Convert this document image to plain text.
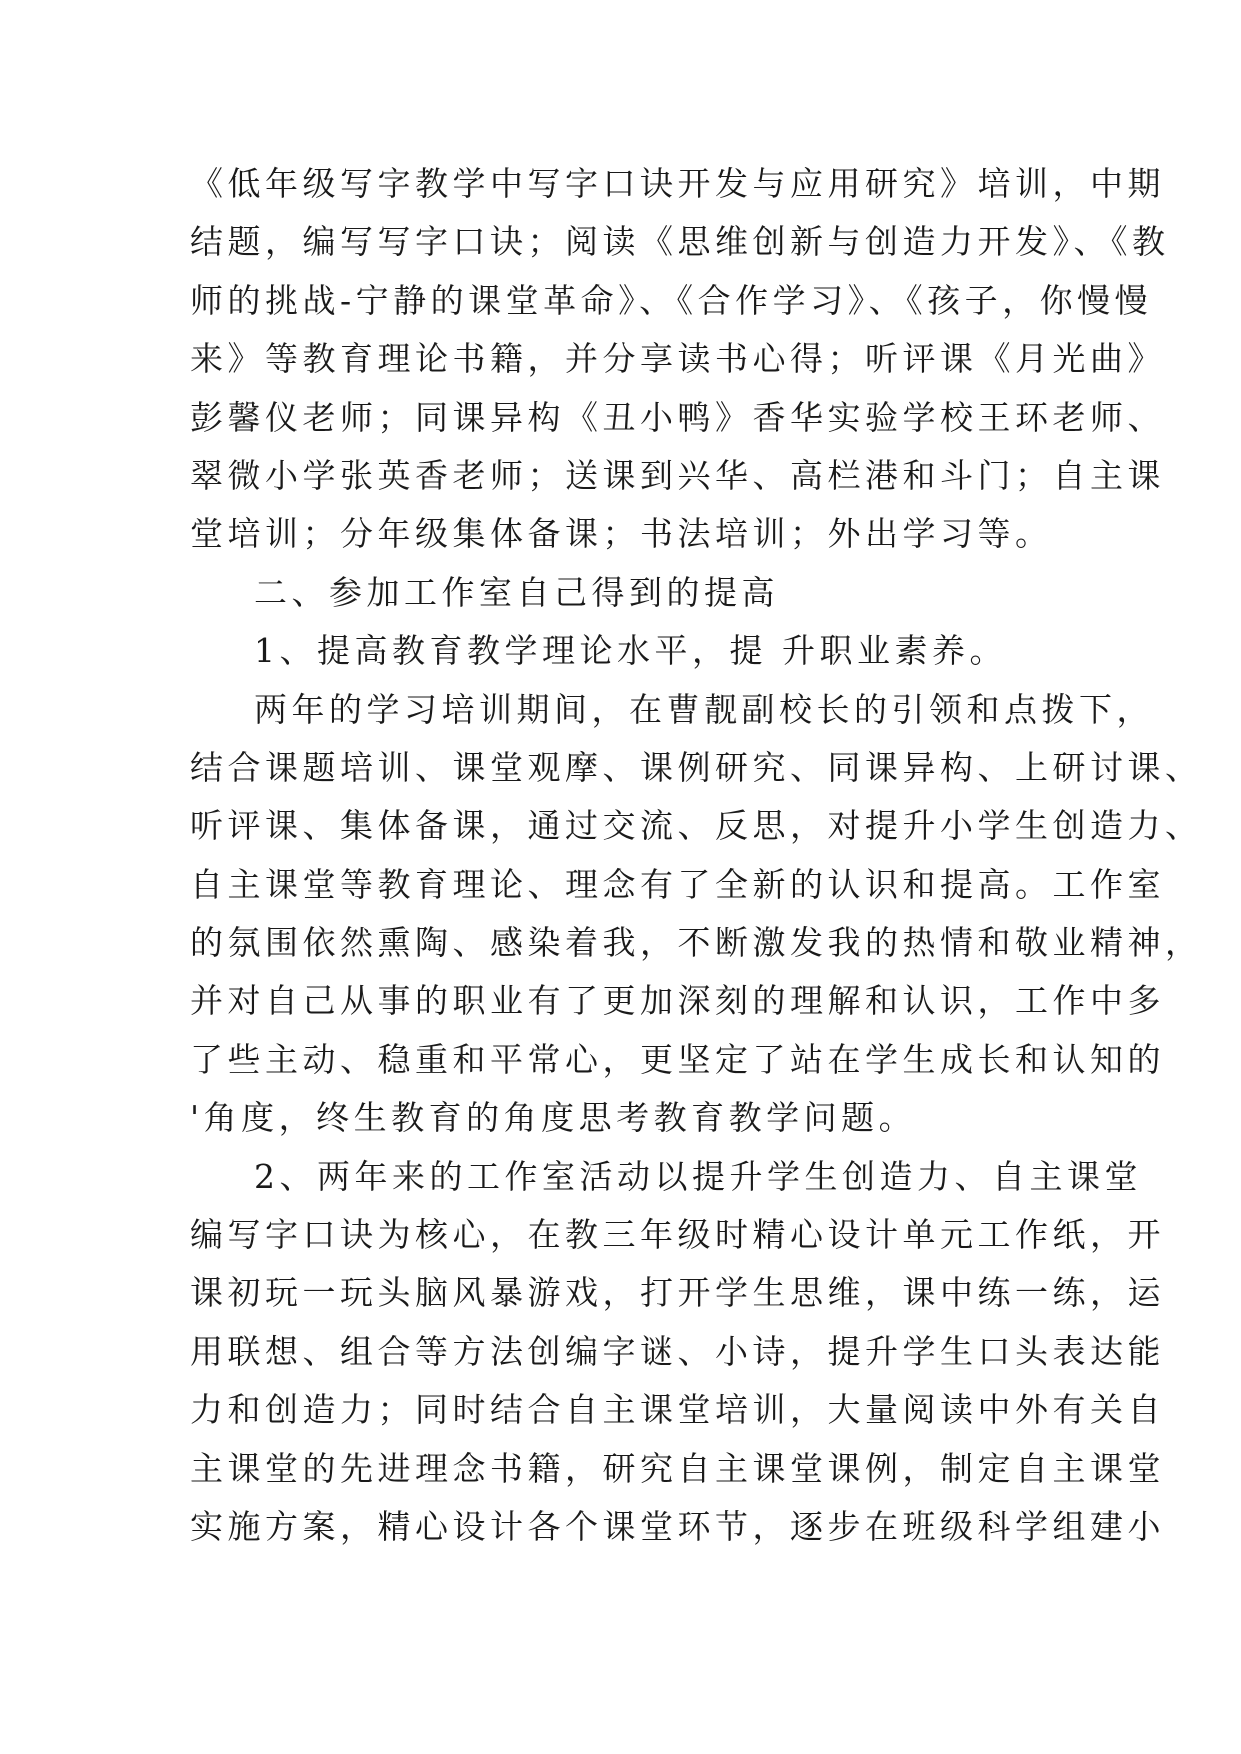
《低年级写字教学中写字口诀开发与应用研究》培训，中期
结题，编写写字口诀；阅读《思维创新与创造力开发》、《教
师的挑战-宁静的课堂革命》、《合作学习》、《孩子，你慢慢
来》等教育理论书籍，并分享读书心得；听评课《月光曲》
彭馨仪老师；同课异构《丑小鸭》香华实验学校王环老师、
翠微小学张英香老师；送课到兴华、高栏港和斗门；自主课
堂培训；分年级集体备课；书法培训；外出学习等。
二、参加工作室自己得到的提高
1、提高教育教学理论水平，提 升职业素养。
两年的学习培训期间，在曹靓副校长的引领和点拨下，
结合课题培训、课堂观摩、课例研究、同课异构、上研讨课、
听评课、集体备课，通过交流、反思，对提升小学生创造力、
自主课堂等教育理论、理念有了全新的认识和提高。工作室
的氛围依然熏陶、感染着我，不断激发我的热情和敬业精神，
并对自己从事的职业有了更加深刻的理解和认识，工作中多
了些主动、稳重和平常心，更坚定了站在学生成长和认知的
'角度，终生教育的角度思考教育教学问题。
2、两年来的工作室活动以提升学生创造力、自主课堂
编写字口诀为核心，在教三年级时精心设计单元工作纸，开
课初玩一玩头脑风暴游戏，打开学生思维，课中练一练，运
用联想、组合等方法创编字谜、小诗，提升学生口头表达能
力和创造力；同时结合自主课堂培训，大量阅读中外有关自
主课堂的先进理念书籍，研究自主课堂课例，制定自主课堂
实施方案，精心设计各个课堂环节，逐步在班级科学组建小
